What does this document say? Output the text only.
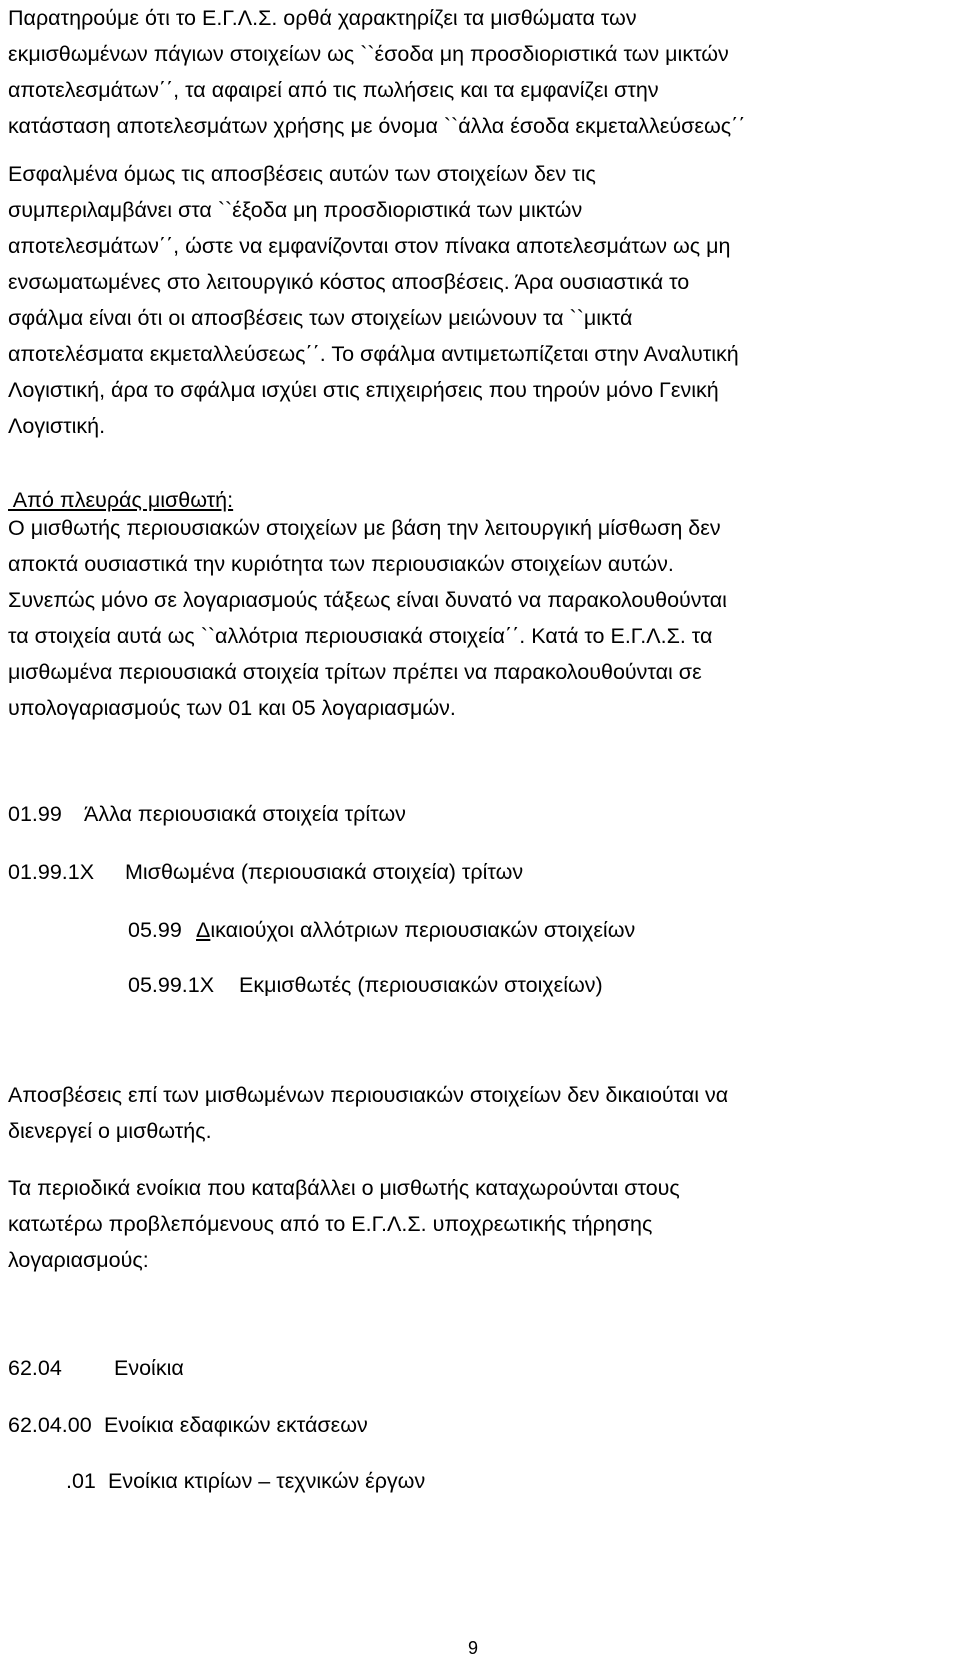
Παρατηρούμε ότι το Ε.Γ.Λ.Σ. ορθά χαρακτηρίζει τα μισθώματα των
εκμισθωμένων πάγιων στοιχείων ως ``έσοδα μη προσδιοριστικά των μικτών
αποτελεσμάτων΄΄, τα αφαιρεί από τις πωλήσεις και τα εμφανίζει στην
κατάσταση αποτελεσμάτων χρήσης με όνομα ``άλλα έσοδα εκμεταλλεύσεως΄΄
Εσφαλμένα όμως τις αποσβέσεις αυτών των στοιχείων δεν τις
συμπεριλαμβάνει στα ``έξοδα μη προσδιοριστικά των μικτών
αποτελεσμάτων΄΄, ώστε να εμφανίζονται στον πίνακα αποτελεσμάτων ως μη
ενσωματωμένες στο λειτουργικό κόστος αποσβέσεις. Άρα ουσιαστικά το
σφάλμα είναι ότι οι αποσβέσεις των στοιχείων μειώνουν τα ``μικτά
αποτελέσματα εκμεταλλεύσεως΄΄. Το σφάλμα αντιμετωπίζεται στην Αναλυτική
Λογιστική, άρα το σφάλμα ισχύει στις επιχειρήσεις που τηρούν μόνο Γενική
Λογιστική.
Από πλευράς μισθωτή:
Ο μισθωτής περιουσιακών στοιχείων με βάση την λειτουργική μίσθωση δεν
αποκτά ουσιαστικά την κυριότητα των περιουσιακών στοιχείων αυτών.
Συνεπώς μόνο σε λογαριασμούς τάξεως είναι δυνατό να παρακολουθούνται
τα στοιχεία αυτά ως ``αλλότρια περιουσιακά στοιχεία΄΄. Κατά το Ε.Γ.Λ.Σ. τα
μισθωμένα περιουσιακά στοιχεία τρίτων πρέπει να παρακολουθούνται σε
υπολογαριασμούς των 01 και 05 λογαριασμών.
01.99 Άλλα περιουσιακά στοιχεία τρίτων
01.99.1Χ Μισθωμένα (περιουσιακά στοιχεία) τρίτων
05.99 Δικαιούχοι αλλότριων περιουσιακών στοιχείων
05.99.1Χ Εκμισθωτές (περιουσιακών στοιχείων)
Αποσβέσεις επί των μισθωμένων περιουσιακών στοιχείων δεν δικαιούται να
διενεργεί ο μισθωτής.
Τα περιοδικά ενοίκια που καταβάλλει ο μισθωτής καταχωρούνται στους
κατωτέρω προβλεπόμενους από το Ε.Γ.Λ.Σ. υποχρεωτικής τήρησης
λογαριασμούς:
62.04 Ενοίκια
62.04.00 Ενοίκια εδαφικών εκτάσεων
.01 Ενοίκια κτιρίων – τεχνικών έργων
9
